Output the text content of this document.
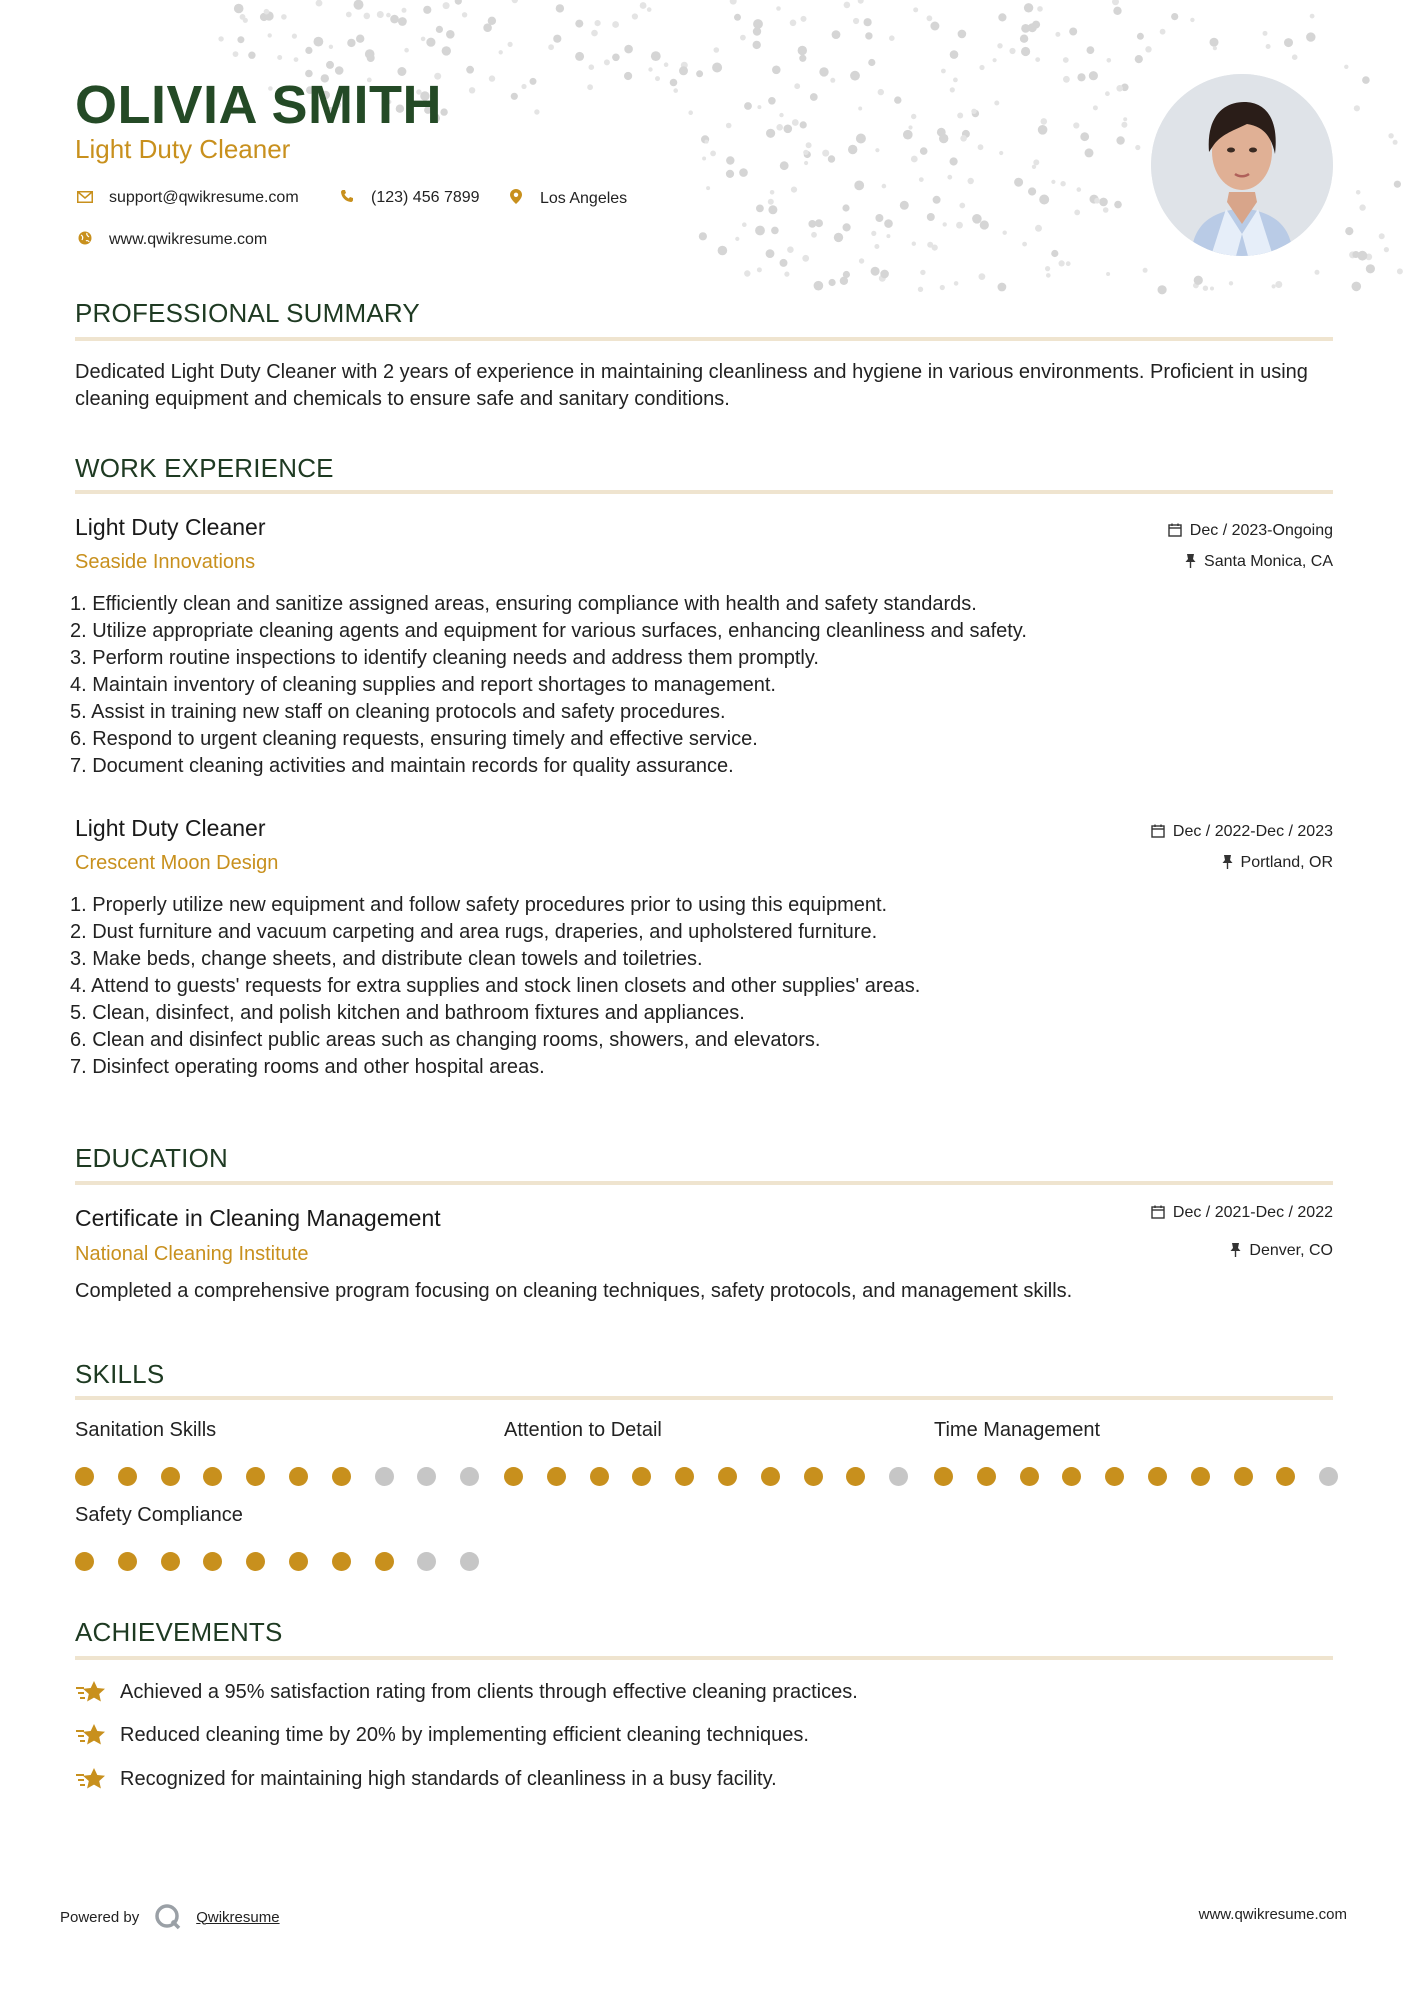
OLIVIA SMITH
Light Duty Cleaner
support@qwikresume.com	(123) 456 7899	Los Angeles
www.qwikresume.com
PROFESSIONAL SUMMARY
Dedicated Light Duty Cleaner with 2 years of experience in maintaining cleanliness and hygiene in various environments. Proficient in using cleaning equipment and chemicals to ensure safe and sanitary conditions.
WORK EXPERIENCE
Light Duty Cleaner
Seaside Innovations
Dec / 2023-Ongoing
Santa Monica, CA
1. Efficiently clean and sanitize assigned areas, ensuring compliance with health and safety standards.
2. Utilize appropriate cleaning agents and equipment for various surfaces, enhancing cleanliness and safety.
3. Perform routine inspections to identify cleaning needs and address them promptly.
4. Maintain inventory of cleaning supplies and report shortages to management.
5. Assist in training new staff on cleaning protocols and safety procedures.
6. Respond to urgent cleaning requests, ensuring timely and effective service.
7. Document cleaning activities and maintain records for quality assurance.
Light Duty Cleaner
Crescent Moon Design
Dec / 2022-Dec / 2023
Portland, OR
1. Properly utilize new equipment and follow safety procedures prior to using this equipment.
2. Dust furniture and vacuum carpeting and area rugs, draperies, and upholstered furniture.
3. Make beds, change sheets, and distribute clean towels and toiletries.
4. Attend to guests' requests for extra supplies and stock linen closets and other supplies' areas.
5. Clean, disinfect, and polish kitchen and bathroom fixtures and appliances.
6. Clean and disinfect public areas such as changing rooms, showers, and elevators.
7. Disinfect operating rooms and other hospital areas.
EDUCATION
Certificate in Cleaning Management
National Cleaning Institute
Dec / 2021-Dec / 2022
Denver, CO
Completed a comprehensive program focusing on cleaning techniques, safety protocols, and management skills.
SKILLS
Sanitation Skills	Attention to Detail	Time Management
Safety Compliance
ACHIEVEMENTS
Achieved a 95% satisfaction rating from clients through effective cleaning practices.
Reduced cleaning time by 20% by implementing efficient cleaning techniques.
Recognized for maintaining high standards of cleanliness in a busy facility.
Powered by	Qwikresume	www.qwikresume.com
